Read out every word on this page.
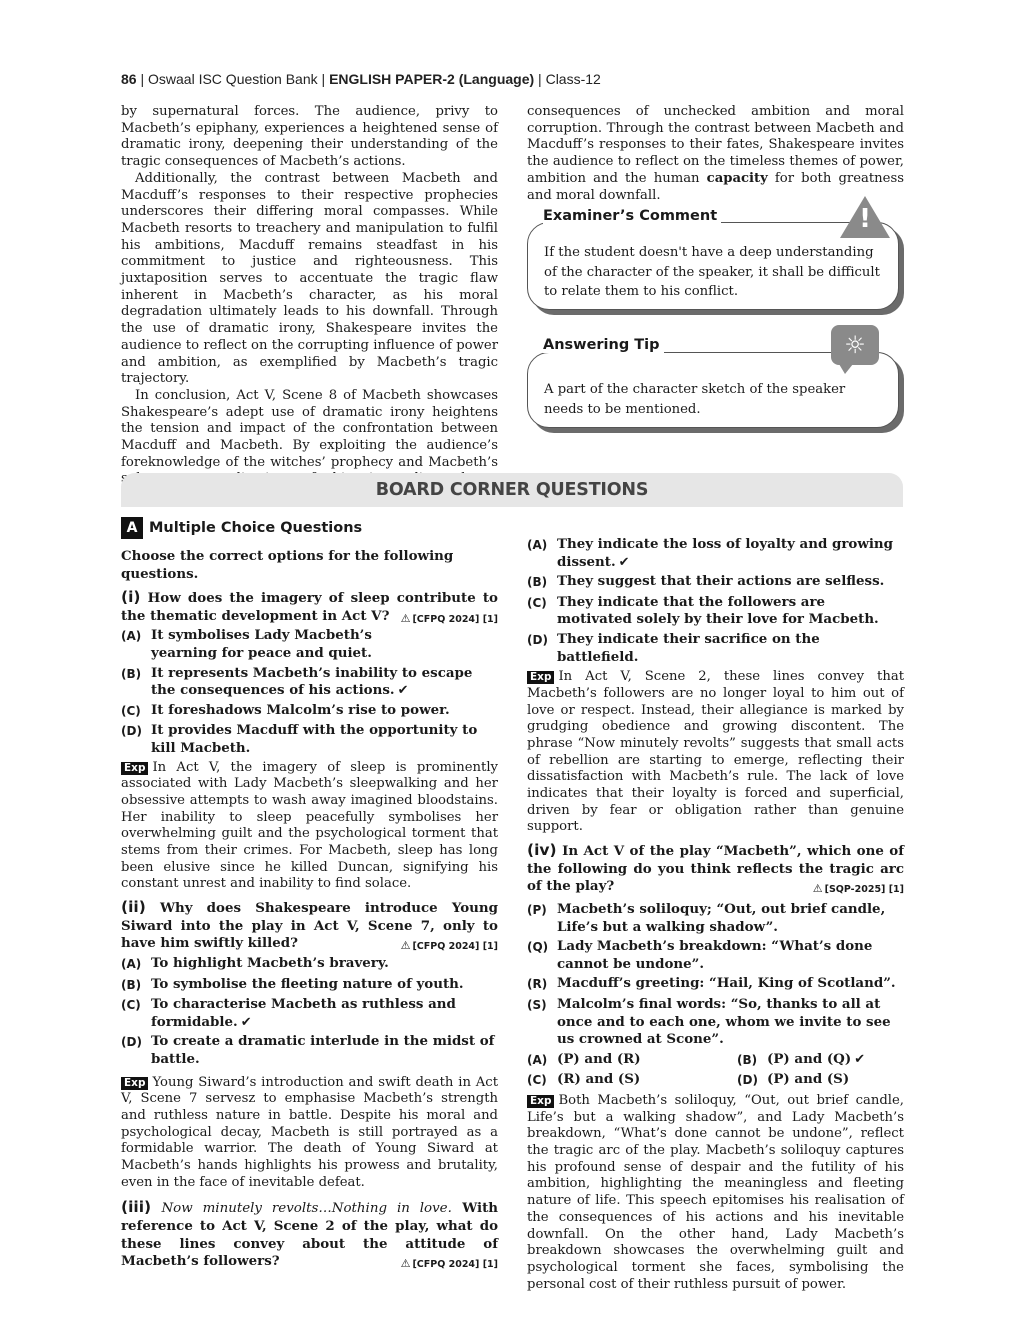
86 | Oswaal ISC Question Bank | ENGLISH PAPER-2 (Language) | Class-12

by supernatural forces. The audience, privy to Macbeth’s epiphany, experiences a heightened sense of dramatic irony, deepening their understanding of the tragic consequences of Macbeth’s actions.

Additionally, the contrast between Macbeth and Macduff’s responses to their respective prophecies underscores their differing moral compasses. While Macbeth resorts to treachery and manipulation to fulfil his ambitions, Macduff remains steadfast in his commitment to justice and righteousness. This juxtaposition serves to accentuate the tragic flaw inherent in Macbeth’s character, as his moral degradation ultimately leads to his downfall. Through the use of dramatic irony, Shakespeare invites the audience to reflect on the corrupting influence of power and ambition, as exemplified by Macbeth’s tragic trajectory.

In conclusion, Act V, Scene 8 of Macbeth showcases Shakespeare’s adept use of dramatic irony heightens the tension and impact of the confrontation between Macduff and Macbeth. By exploiting the audience’s foreknowledge of the witches’ prophecy and Macbeth’s

consequences of unchecked ambition and moral corruption. Through the contrast between Macbeth and Macduff’s responses to their fates, Shakespeare invites the audience to reflect on the timeless themes of power, ambition and the human capacity for both greatness and moral downfall.

If the student doesn't have a deep understanding of the character of the speaker, it shall be difficult to relate them to his conflict.
Examiner’s Comment	!
A part of the character sketch of the speaker needs to be mentioned.
Answering Tip	☼
BOARD CORNER QUESTIONS
A Multiple Choice Questions

Choose the correct options for the following questions.

(i) How does the imagery of sleep contribute to the thematic development in Act V? ⚠ [CFPQ 2024] [1]

(A) It symbolises Lady Macbeth’s yearning for peace and quiet.
(B) It represents Macbeth’s inability to escape the consequences of his actions. ✔
(C) It foreshadows Malcolm’s rise to power.
(D) It provides Macduff with the opportunity to kill Macbeth.

Exp In Act V, the imagery of sleep is prominently associated with Lady Macbeth’s sleepwalking and her obsessive attempts to wash away imagined bloodstains. Her inability to sleep peacefully symbolises her overwhelming guilt and the psychological torment that stems from their crimes. For Macbeth, sleep has long been elusive since he killed Duncan, signifying his constant unrest and inability to find solace.

(ii) Why does Shakespeare introduce Young Siward into the play in Act V, Scene 7, only to have him swiftly killed?	⚠ [CFPQ 2024] [1]

(A) To highlight Macbeth’s bravery.
(B) To symbolise the fleeting nature of youth.
(C) To characterise Macbeth as ruthless and formidable. ✔
(D) To create a dramatic interlude in the midst of battle.

Exp Young Siward’s introduction and swift death in Act V, Scene 7 servesz to emphasise Macbeth’s strength and ruthless nature in battle. Despite his moral and psychological decay, Macbeth is still portrayed as a formidable warrior. The death of Young Siward at Macbeth’s hands highlights his prowess and brutality, even in the face of inevitable defeat.

(iii) Now minutely revolts…Nothing in love. With reference to Act V, Scene 2 of the play, what do these lines convey about the attitude of Macbeth’s followers?	⚠ [CFPQ 2024] [1]

(A) They indicate the loss of loyalty and growing dissent. ✔
(B) They suggest that their actions are selfless.
(C) They indicate that the followers are motivated solely by their love for Macbeth.
(D) They indicate their sacrifice on the battlefield.

Exp In Act V, Scene 2, these lines convey that Macbeth’s followers are no longer loyal to him out of love or respect. Instead, their allegiance is marked by grudging obedience and growing discontent. The phrase “Now minutely revolts” suggests that small acts of rebellion are starting to emerge, reflecting their dissatisfaction with Macbeth’s rule. The lack of love indicates that their loyalty is forced and superficial, driven by fear or obligation rather than genuine support.

(iv) In Act V of the play “Macbeth”, which one of the following do you think reflects the tragic arc of the play?	⚠ [SQP-2025] [1]

(P) Macbeth’s soliloquy; “Out, out brief candle, Life’s but a walking shadow”.
(Q) Lady Macbeth’s breakdown: “What’s done cannot be undone”.
(R) Macduff’s greeting: “Hail, King of Scotland”.
(S) Malcolm’s final words: “So, thanks to all at once and to each one, whom we invite to see us crowned at Scone”.
(A) (P) and (R)	(B) (P) and (Q) ✔
(C) (R) and (S)	(D) (P) and (S)

Exp Both Macbeth’s soliloquy, “Out, out brief candle, Life’s but a walking shadow”, and Lady Macbeth’s breakdown, “What’s done cannot be undone”, reflect the tragic arc of the play. Macbeth’s soliloquy captures his profound sense of despair and the futility of his ambition, highlighting the meaningless and fleeting nature of life. This speech epitomises his realisation of the consequences of his actions and his inevitable downfall. On the other hand, Lady Macbeth’s breakdown showcases the overwhelming guilt and psychological torment she faces, symbolising the personal cost of their ruthless pursuit of power.
